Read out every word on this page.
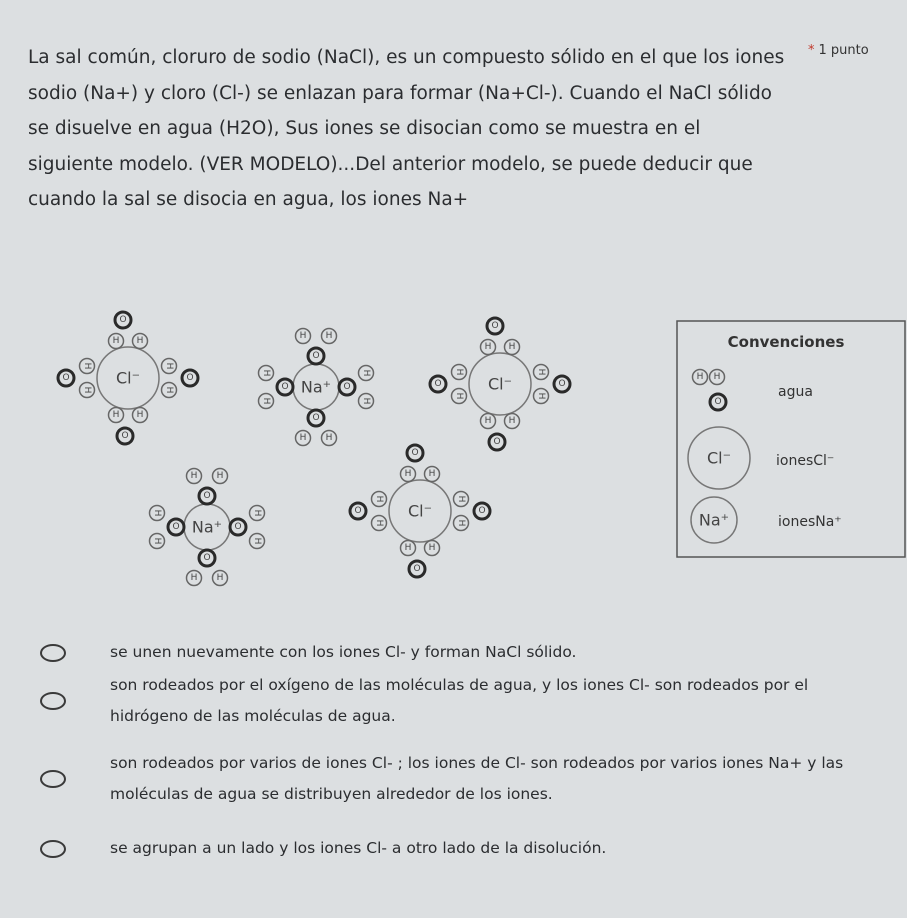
La sal común, cloruro de sodio (NaCl), es un compuesto sólido en el que los iones sodio (Na+) y cloro (Cl-) se enlazan para formar (Na+Cl-). Cuando el NaCl sólido se disuelve en agua (H2O), Sus iones se disocian como se muestra en el siguiente modelo. (VER MODELO)...Del anterior modelo, se puede deducir que cuando la sal se disocia en agua, los iones Na+
* 1 punto
Cl⁻
H H
O
H H
O
H
H
O
H
H
O	Na⁺
O
H H
O
H H
O
H
H
O
H
H
Cl⁻
H H
O
H H
O
H
H
O
H
H
O
Na⁺
O
H H
O
H H
O
H
H
O
H
H
Cl⁻
H H
O
H H
O
H
H
O
H
H
O
Convenciones
H H
O
agua
Cl⁻	ionesCl⁻
Na⁺	ionesNa⁺
se unen nuevamente con los iones Cl- y forman NaCl sólido.
son rodeados por el oxígeno de las moléculas de agua, y los iones Cl- son rodeados por el hidrógeno de las moléculas de agua.
son rodeados por varios de iones Cl- ; los iones de Cl- son rodeados por varios iones Na+ y las moléculas de agua se distribuyen alrededor de los iones.
se agrupan a un lado y los iones Cl- a otro lado de la disolución.
